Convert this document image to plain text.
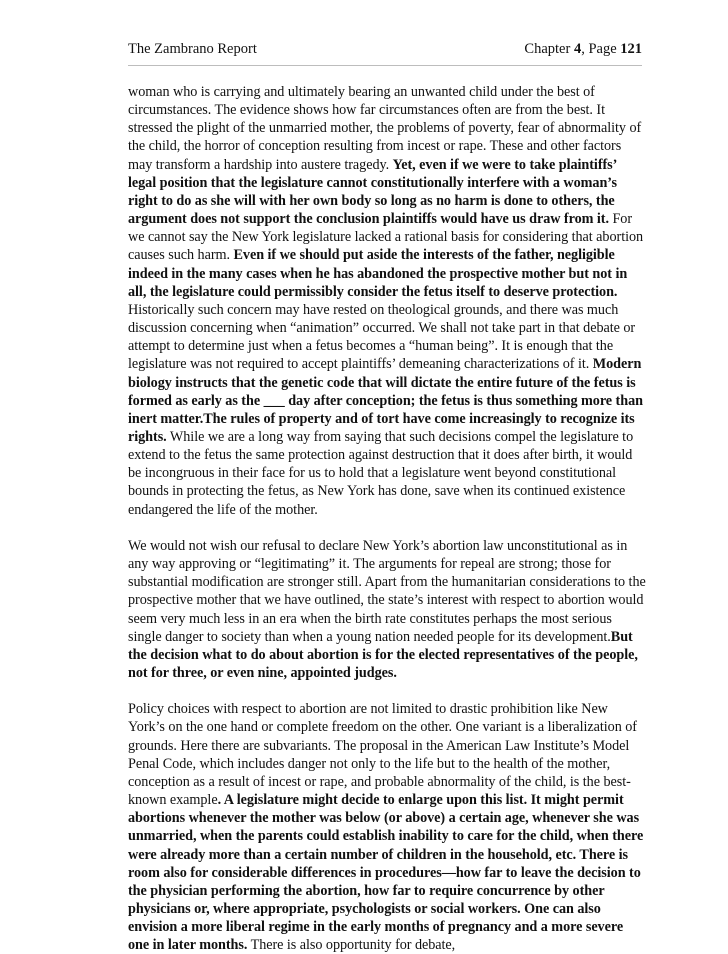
The Zambrano Report	Chapter 4, Page 121

woman who is carrying and ultimately bearing an unwanted child under the best of circumstances. The evidence shows how far circumstances often are from the best. It stressed the plight of the unmarried mother, the problems of poverty, fear of abnormality of the child, the horror of conception resulting from incest or rape. These and other factors may transform a hardship into austere tragedy. Yet, even if we were to take plaintiffs’ legal position that the legislature cannot constitutionally interfere with a woman’s right to do as she will with her own body so long as no harm is done to others, the argument does not support the conclusion plaintiffs would have us draw from it. For we cannot say the New York legislature lacked a rational basis for considering that abortion causes such harm. Even if we should put aside the interests of the father, negligible indeed in the many cases when he has abandoned the prospective mother but not in all, the legislature could permissibly consider the fetus itself to deserve protection. Historically such concern may have rested on theological grounds, and there was much discussion concerning when “animation” occurred. We shall not take part in that debate or attempt to determine just when a fetus becomes a “human being”. It is enough that the legislature was not required to accept plaintiffs’ demeaning characterizations of it. Modern biology instructs that the genetic code that will dictate the entire future of the fetus is formed as early as the ___ day after conception; the fetus is thus something more than inert matter.The rules of property and of tort have come increasingly to recognize its rights. While we are a long way from saying that such decisions compel the legislature to extend to the fetus the same protection against destruction that it does after birth, it would be incongruous in their face for us to hold that a legislature went beyond constitutional bounds in protecting the fetus, as New York has done, save when its continued existence endangered the life of the mother.

We would not wish our refusal to declare New York’s abortion law unconstitutional as in any way approving or “legitimating” it. The arguments for repeal are strong; those for substantial modification are stronger still. Apart from the humanitarian considerations to the prospective mother that we have outlined, the state’s interest with respect to abortion would seem very much less in an era when the birth rate constitutes perhaps the most serious single danger to society than when a young nation needed people for its development.But the decision what to do about abortion is for the elected representatives of the people, not for three, or even nine, appointed judges.

Policy choices with respect to abortion are not limited to drastic prohibition like New York’s on the one hand or complete freedom on the other. One variant is a liberalization of grounds. Here there are subvariants. The proposal in the American Law Institute’s Model Penal Code, which includes danger not only to the life but to the health of the mother, conception as a result of incest or rape, and probable abnormality of the child, is the best-known example. A legislature might decide to enlarge upon this list. It might permit abortions whenever the mother was below (or above) a certain age, whenever she was unmarried, when the parents could establish inability to care for the child, when there were already more than a certain number of children in the household, etc. There is room also for considerable differences in procedures—how far to leave the decision to the physician performing the abortion, how far to require concurrence by other physicians or, where appropriate, psychologists or social workers. One can also envision a more liberal regime in the early months of pregnancy and a more severe one in later months. There is also opportunity for debate,
